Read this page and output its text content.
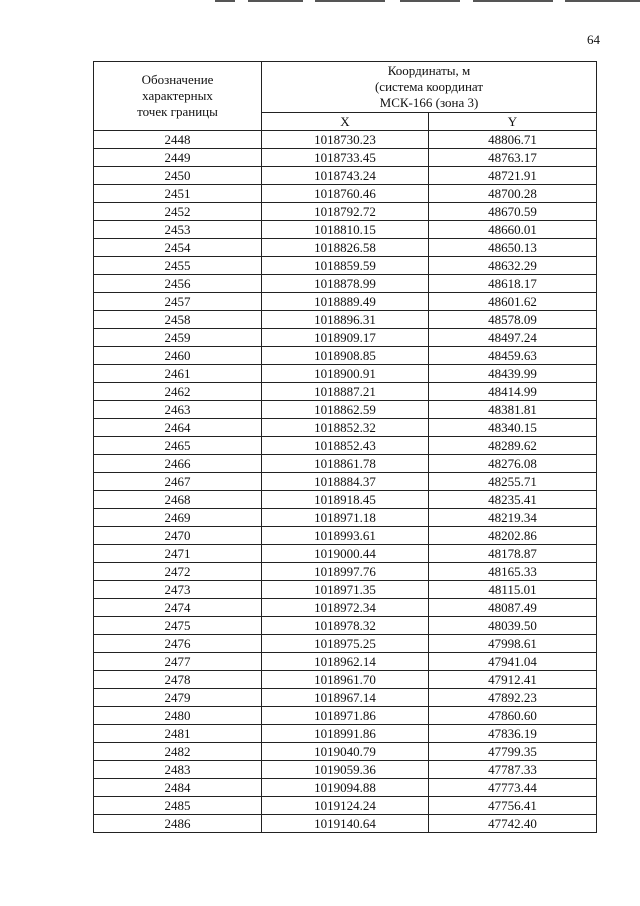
64
Обозначение
характерных
точек границы	Координаты, м
(система координат
МСК-166 (зона 3)	

	X	Y
2448	1018730.23	48806.71
2449	1018733.45	48763.17
2450	1018743.24	48721.91
2451	1018760.46	48700.28
2452	1018792.72	48670.59
2453	1018810.15	48660.01
2454	1018826.58	48650.13
2455	1018859.59	48632.29
2456	1018878.99	48618.17
2457	1018889.49	48601.62
2458	1018896.31	48578.09
2459	1018909.17	48497.24
2460	1018908.85	48459.63
2461	1018900.91	48439.99
2462	1018887.21	48414.99
2463	1018862.59	48381.81
2464	1018852.32	48340.15
2465	1018852.43	48289.62
2466	1018861.78	48276.08
2467	1018884.37	48255.71
2468	1018918.45	48235.41
2469	1018971.18	48219.34
2470	1018993.61	48202.86
2471	1019000.44	48178.87
2472	1018997.76	48165.33
2473	1018971.35	48115.01
2474	1018972.34	48087.49
2475	1018978.32	48039.50
2476	1018975.25	47998.61
2477	1018962.14	47941.04
2478	1018961.70	47912.41
2479	1018967.14	47892.23
2480	1018971.86	47860.60
2481	1018991.86	47836.19
2482	1019040.79	47799.35
2483	1019059.36	47787.33
2484	1019094.88	47773.44
2485	1019124.24	47756.41
2486	1019140.64	47742.40
